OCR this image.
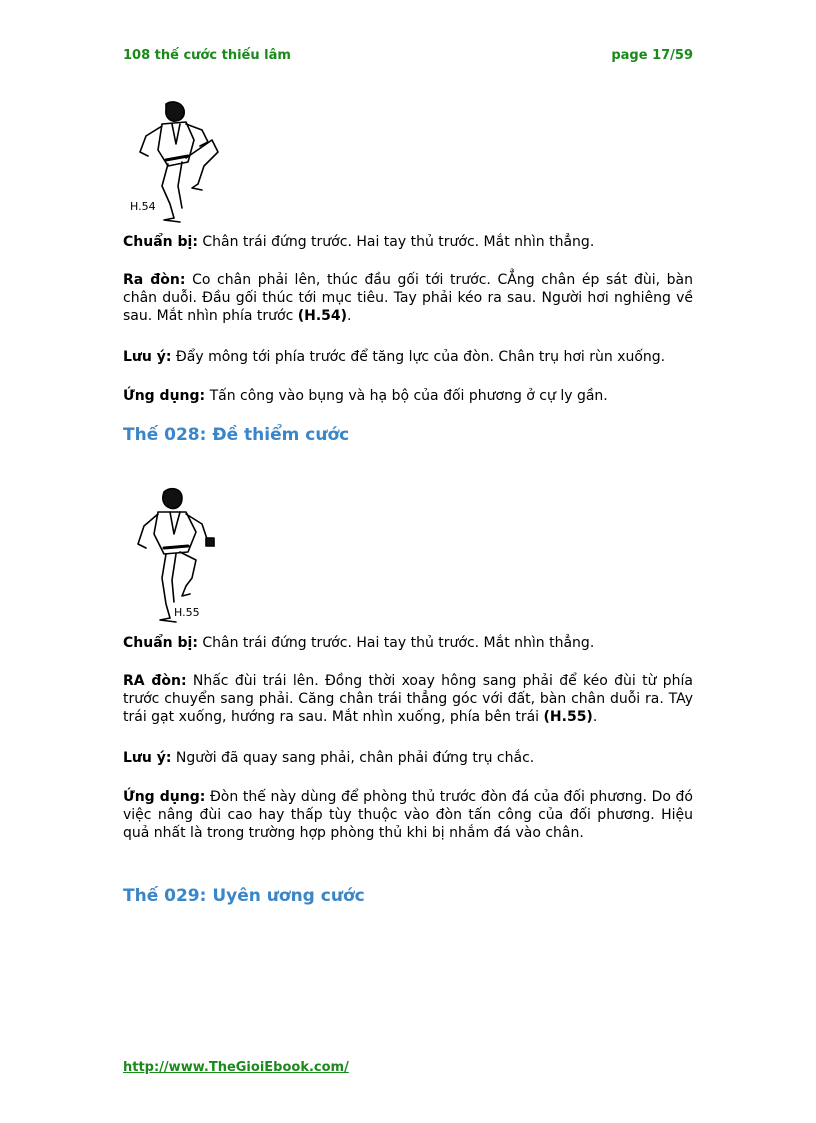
108 thế cước thiếu lâm	page 17/59
H.54
Chuẩn bị: Chân trái đứng trước. Hai tay thủ trước. Mắt nhìn thẳng.
Ra đòn: Co chân phải lên, thúc đầu gối tới trước. CẲng chân ép sát đùi, bàn chân duỗi. Đầu gối thúc tới mục tiêu. Tay phải kéo ra sau. Người hơi nghiêng về sau. Mắt nhìn phía trước (H.54).
Lưu ý: Đẩy mông tới phía trước để tăng lực của đòn. Chân trụ hơi rùn xuống.
Ứng dụng: Tấn công vào bụng và hạ bộ của đối phương ở cự ly gần.
Thế 028: Đề thiểm cước
H.55
Chuẩn bị: Chân trái đứng trước. Hai tay thủ trước. Mắt nhìn thẳng.
RA đòn: Nhấc đùi trái lên. Đồng thời xoay hông sang phải để kéo đùi từ phía trước chuyển sang phải. Căng chân trái thẳng góc với đất, bàn chân duỗi ra. TAy trái gạt xuống, hướng ra sau. Mắt nhìn xuống, phía bên trái (H.55).
Lưu ý: Người đã quay sang phải, chân phải đứng trụ chắc.
Ứng dụng: Đòn thế này dùng để phòng thủ trước đòn đá của đối phương. Do đó việc nâng đùi cao hay thấp tùy thuộc vào đòn tấn công của đối phương. Hiệu quả nhất là trong trường hợp phòng thủ khi bị nhắm đá vào chân.
Thế 029: Uyên ương cước
http://www.TheGioiEbook.com/
